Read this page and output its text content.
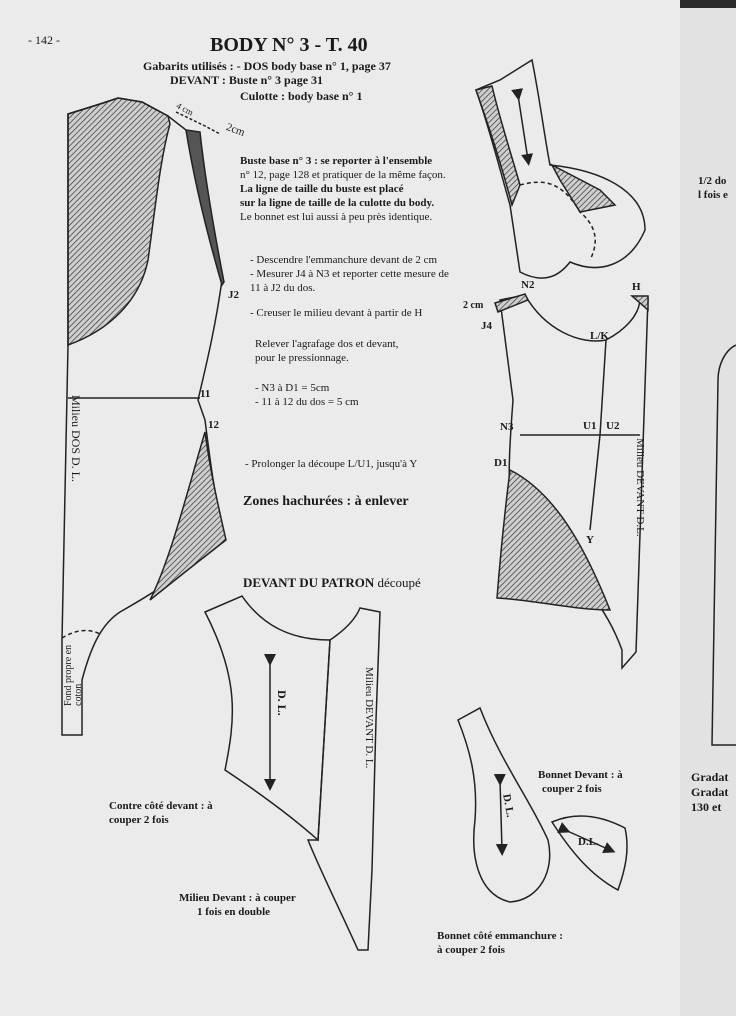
- 142 -	BODY N° 3 - T. 40
Gabarits utilisés : - DOS body base n° 1, page 37
DEVANT : Buste n° 3 page 31
Culotte : body base n° 1
Buste base n° 3 : se reporter à l'ensemble
n° 12, page 128 et pratiquer de la même façon.
La ligne de taille du buste est placé
sur la ligne de taille de la culotte du body.
Le bonnet est lui aussi à peu près identique.
- Descendre l'emmanchure devant de 2 cm
- Mesurer J4 à N3 et reporter cette mesure de
11 à J2 du dos.
- Creuser le milieu devant à partir de H
Relever l'agrafage dos et devant,
pour le pressionnage.
- N3 à D1 = 5cm
- 11 à 12 du dos = 5 cm
- Prolonger la découpe L/U1, jusqu'à Y
Zones hachurées : à enlever
4 cm
2cm
J2
11
12
Milieu DOS D. L.
Fond propre en coton
N2	H
2 cm
J4
L/K
N3	U1 U2
D1
Y
Milieu DEVANT D.L.
DEVANT DU PATRON découpé
D. L.	Milieu DEVANT D. L.
Contre côté devant : à
couper 2 fois
Milieu Devant : à couper
1 fois en double
D. L.
D.L.
Bonnet Devant : à
couper 2 fois
Bonnet côté emmanchure :
à couper 2 fois
1/2 do
l fois e
Gradat
Gradat
130 et
